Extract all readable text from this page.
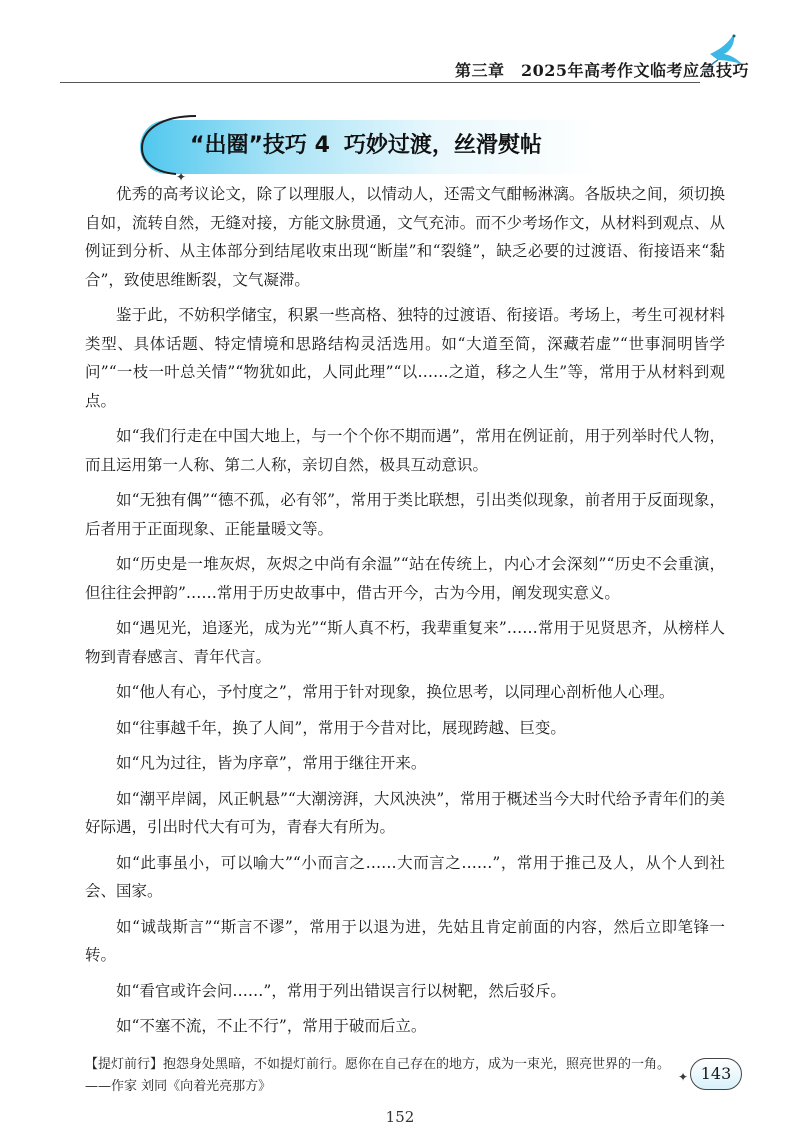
第三章　2025年高考作文临考应急技巧
“出圈”技巧 4 巧妙过渡，丝滑熨帖
✦
✦

优秀的高考议论文，除了以理服人，以情动人，还需文气酣畅淋漓。各版块之间，须切换自如，流转自然，无缝对接，方能文脉贯通，文气充沛。而不少考场作文，从材料到观点、从例证到分析、从主体部分到结尾收束出现“断崖”和“裂缝”，缺乏必要的过渡语、衔接语来“黏合”，致使思维断裂，文气凝滞。

鉴于此，不妨积学储宝，积累一些高格、独特的过渡语、衔接语。考场上，考生可视材料类型、具体话题、特定情境和思路结构灵活选用。如“大道至简，深藏若虚”“世事洞明皆学问”“一枝一叶总关情”“物犹如此，人同此理”“以……之道，移之人生”等，常用于从材料到观点。

如“我们行走在中国大地上，与一个个你不期而遇”，常用在例证前，用于列举时代人物，而且运用第一人称、第二人称，亲切自然，极具互动意识。

如“无独有偶”“德不孤，必有邻”，常用于类比联想，引出类似现象，前者用于反面现象，后者用于正面现象、正能量暖文等。

如“历史是一堆灰烬，灰烬之中尚有余温”“站在传统上，内心才会深刻”“历史不会重演，但往往会押韵”……常用于历史故事中，借古开今，古为今用，阐发现实意义。

如“遇见光，追逐光，成为光”“斯人真不朽，我辈重复来”……常用于见贤思齐，从榜样人物到青春感言、青年代言。

如“他人有心，予忖度之”，常用于针对现象，换位思考，以同理心剖析他人心理。

如“往事越千年，换了人间”，常用于今昔对比，展现跨越、巨变。

如“凡为过往，皆为序章”，常用于继往开来。

如“潮平岸阔，风正帆悬”“大潮滂湃，大风泱泱”，常用于概述当今大时代给予青年们的美好际遇，引出时代大有可为，青春大有所为。

如“此事虽小，可以喻大”“小而言之……大而言之……”，常用于推己及人，从个人到社会、国家。

如“诚哉斯言”“斯言不谬”，常用于以退为进，先姑且肯定前面的内容，然后立即笔锋一转。

如“看官或许会问……”，常用于列出错误言行以树靶，然后驳斥。

如“不塞不流，不止不行”，常用于破而后立。

【提灯前行】抱怨身处黑暗，不如提灯前行。愿你在自己存在的地方，成为一束光，照亮世界的一角。——作家 刘同《向着光亮那方》
143
152
